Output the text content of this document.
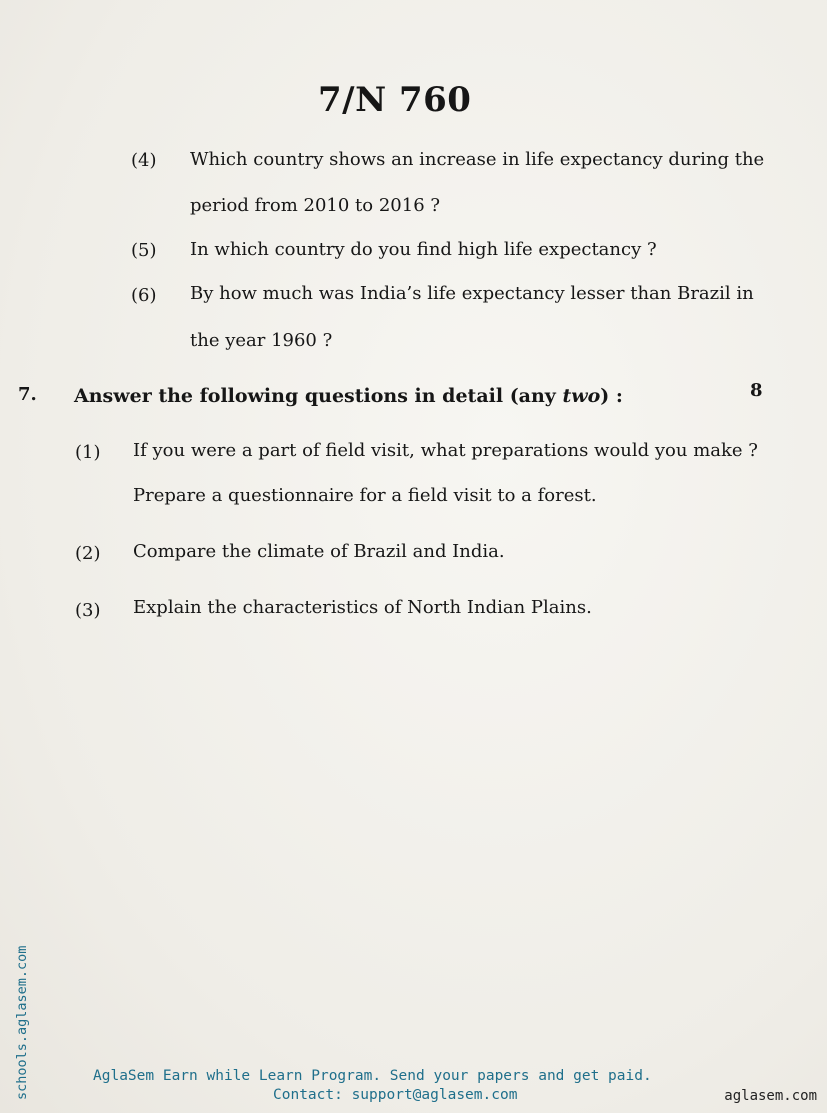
7/N 760
(4) Which country shows an increase in life expectancy during the
period from 2010 to 2016 ?
(5) In which country do you find high life expectancy ?
(6) By how much was India’s life expectancy lesser than Brazil in
the year 1960 ?
7. Answer the following questions in detail (any two) :	8
(1) If you were a part of field visit, what preparations would you make ?
Prepare a questionnaire for a field visit to a forest.
(2) Compare the climate of Brazil and India.
(3) Explain the characteristics of North Indian Plains.
AglaSem Earn while Learn Program. Send your papers and get paid.
Contact: support@aglasem.com
schools.aglasem.com	aglasem.com
